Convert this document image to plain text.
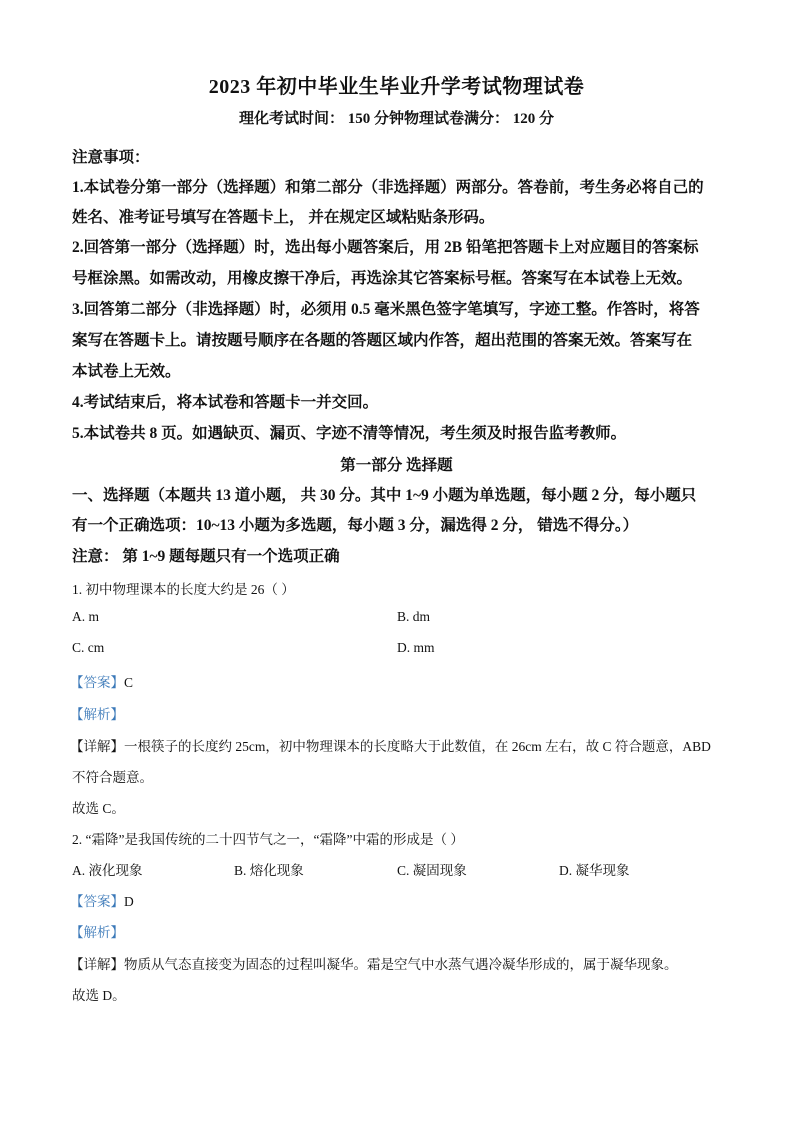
2023 年初中毕业生毕业升学考试物理试卷
理化考试时间： 150 分钟物理试卷满分： 120 分
注意事项：
1.本试卷分第一部分（选择题）和第二部分（非选择题）两部分。答卷前，考生务必将自己的
姓名、准考证号填写在答题卡上， 并在规定区域粘贴条形码。
2.回答第一部分（选择题）时，选出每小题答案后，用 2B 铅笔把答题卡上对应题目的答案标
号框涂黑。如需改动，用橡皮擦干净后，再选涂其它答案标号框。答案写在本试卷上无效。
3.回答第二部分（非选择题）时，必须用 0.5 毫米黑色签字笔填写，字迹工整。作答时，将答
案写在答题卡上。请按题号顺序在各题的答题区域内作答，超出范围的答案无效。答案写在
本试卷上无效。
4.考试结束后，将本试卷和答题卡一并交回。
5.本试卷共 8 页。如遇缺页、漏页、字迹不清等情况，考生须及时报告监考教师。
第一部分 选择题
一、选择题（本题共 13 道小题， 共 30 分。其中 1~9 小题为单选题，每小题 2 分，每小题只
有一个正确选项：10~13 小题为多选题，每小题 3 分，漏选得 2 分， 错选不得分。）
注意： 第 1~9 题每题只有一个选项正确
1. 初中物理课本的长度大约是 26（ ）
A. m	B. dm
C. cm	D. mm
【答案】C
【解析】
【详解】一根筷子的长度约 25cm，初中物理课本的长度略大于此数值，在 26cm 左右，故 C 符合题意，ABD
不符合题意。
故选 C。
2. “霜降”是我国传统的二十四节气之一，“霜降”中霜的形成是（ ）
A. 液化现象	B. 熔化现象	C. 凝固现象	D. 凝华现象
【答案】D
【解析】
【详解】物质从气态直接变为固态的过程叫凝华。霜是空气中水蒸气遇冷凝华形成的，属于凝华现象。
故选 D。
